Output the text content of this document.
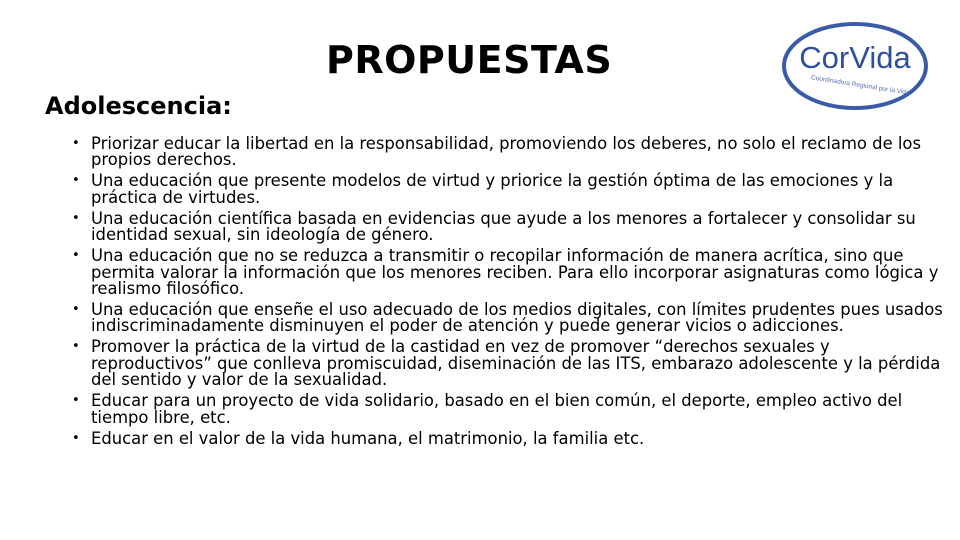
PROPUESTAS
Adolescencia:
CorVida
Coordinadora Regional por la Vida
• Priorizar educar la libertad en la responsabilidad, promoviendo los deberes, no solo el reclamo de los propios derechos.
• Una educación que presente modelos de virtud y priorice la gestión óptima de las emociones y la práctica de virtudes.
• Una educación científica basada en evidencias que ayude a los menores a fortalecer y consolidar su identidad sexual, sin ideología de género.
• Una educación que no se reduzca a transmitir o recopilar información de manera acrítica, sino que permita valorar la información que los menores reciben. Para ello incorporar asignaturas como lógica y realismo filosófico.
• Una educación que enseñe el uso adecuado de los medios digitales, con límites prudentes pues usados indiscriminadamente disminuyen el poder de atención y puede generar vicios o adicciones.
• Promover la práctica de la virtud de la castidad en vez de promover “derechos sexuales y reproductivos” que conlleva promiscuidad, diseminación de las ITS, embarazo adolescente y la pérdida del sentido y valor de la sexualidad.
• Educar para un proyecto de vida solidario, basado en el bien común, el deporte, empleo activo del tiempo libre, etc.
• Educar en el valor de la vida humana, el matrimonio, la familia etc.
